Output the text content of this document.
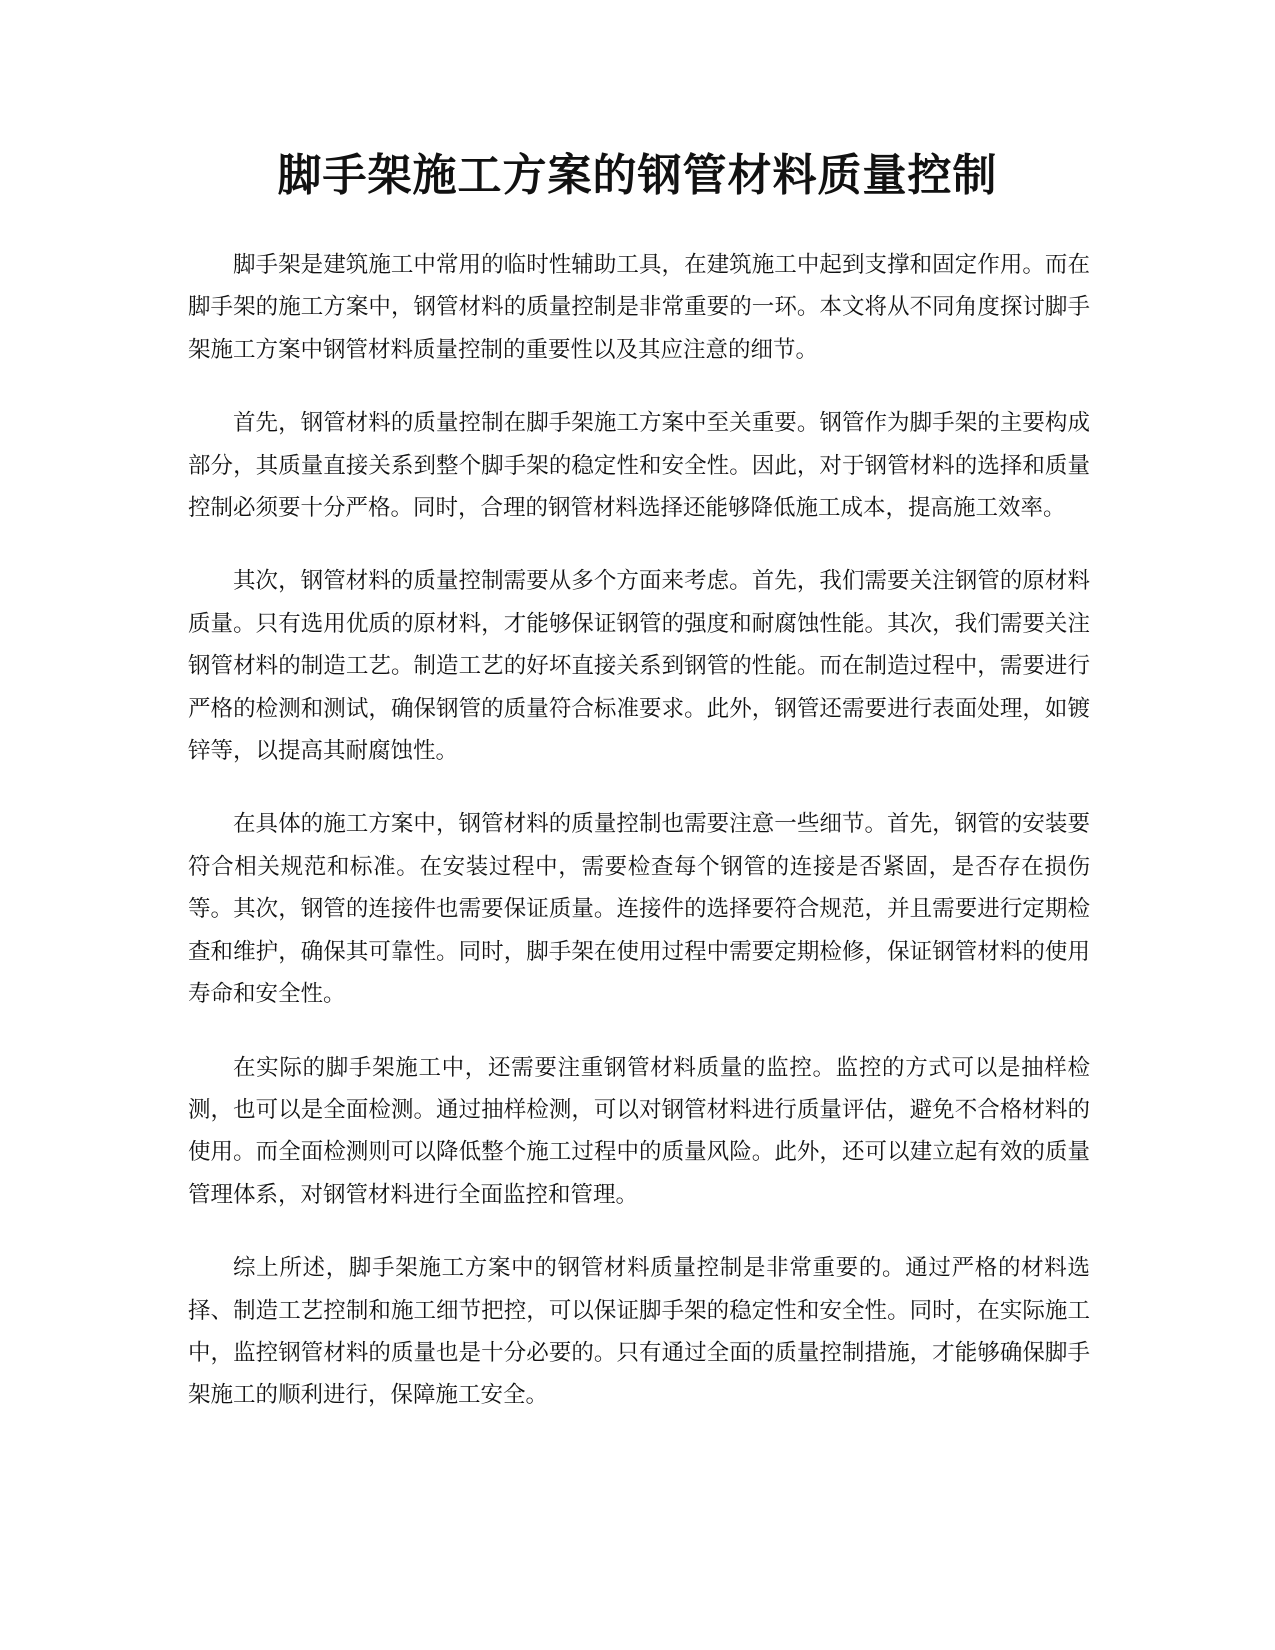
脚手架施工方案的钢管材料质量控制

脚手架是建筑施工中常用的临时性辅助工具，在建筑施工中起到支撑和固定作用。而在脚手架的施工方案中，钢管材料的质量控制是非常重要的一环。本文将从不同角度探讨脚手架施工方案中钢管材料质量控制的重要性以及其应注意的细节。

首先，钢管材料的质量控制在脚手架施工方案中至关重要。钢管作为脚手架的主要构成部分，其质量直接关系到整个脚手架的稳定性和安全性。因此，对于钢管材料的选择和质量控制必须要十分严格。同时，合理的钢管材料选择还能够降低施工成本，提高施工效率。

其次，钢管材料的质量控制需要从多个方面来考虑。首先，我们需要关注钢管的原材料质量。只有选用优质的原材料，才能够保证钢管的强度和耐腐蚀性能。其次，我们需要关注钢管材料的制造工艺。制造工艺的好坏直接关系到钢管的性能。而在制造过程中，需要进行严格的检测和测试，确保钢管的质量符合标准要求。此外，钢管还需要进行表面处理，如镀锌等，以提高其耐腐蚀性。

在具体的施工方案中，钢管材料的质量控制也需要注意一些细节。首先，钢管的安装要符合相关规范和标准。在安装过程中，需要检查每个钢管的连接是否紧固，是否存在损伤等。其次，钢管的连接件也需要保证质量。连接件的选择要符合规范，并且需要进行定期检查和维护，确保其可靠性。同时，脚手架在使用过程中需要定期检修，保证钢管材料的使用寿命和安全性。

在实际的脚手架施工中，还需要注重钢管材料质量的监控。监控的方式可以是抽样检测，也可以是全面检测。通过抽样检测，可以对钢管材料进行质量评估，避免不合格材料的使用。而全面检测则可以降低整个施工过程中的质量风险。此外，还可以建立起有效的质量管理体系，对钢管材料进行全面监控和管理。

综上所述，脚手架施工方案中的钢管材料质量控制是非常重要的。通过严格的材料选择、制造工艺控制和施工细节把控，可以保证脚手架的稳定性和安全性。同时，在实际施工中，监控钢管材料的质量也是十分必要的。只有通过全面的质量控制措施，才能够确保脚手架施工的顺利进行，保障施工安全。
